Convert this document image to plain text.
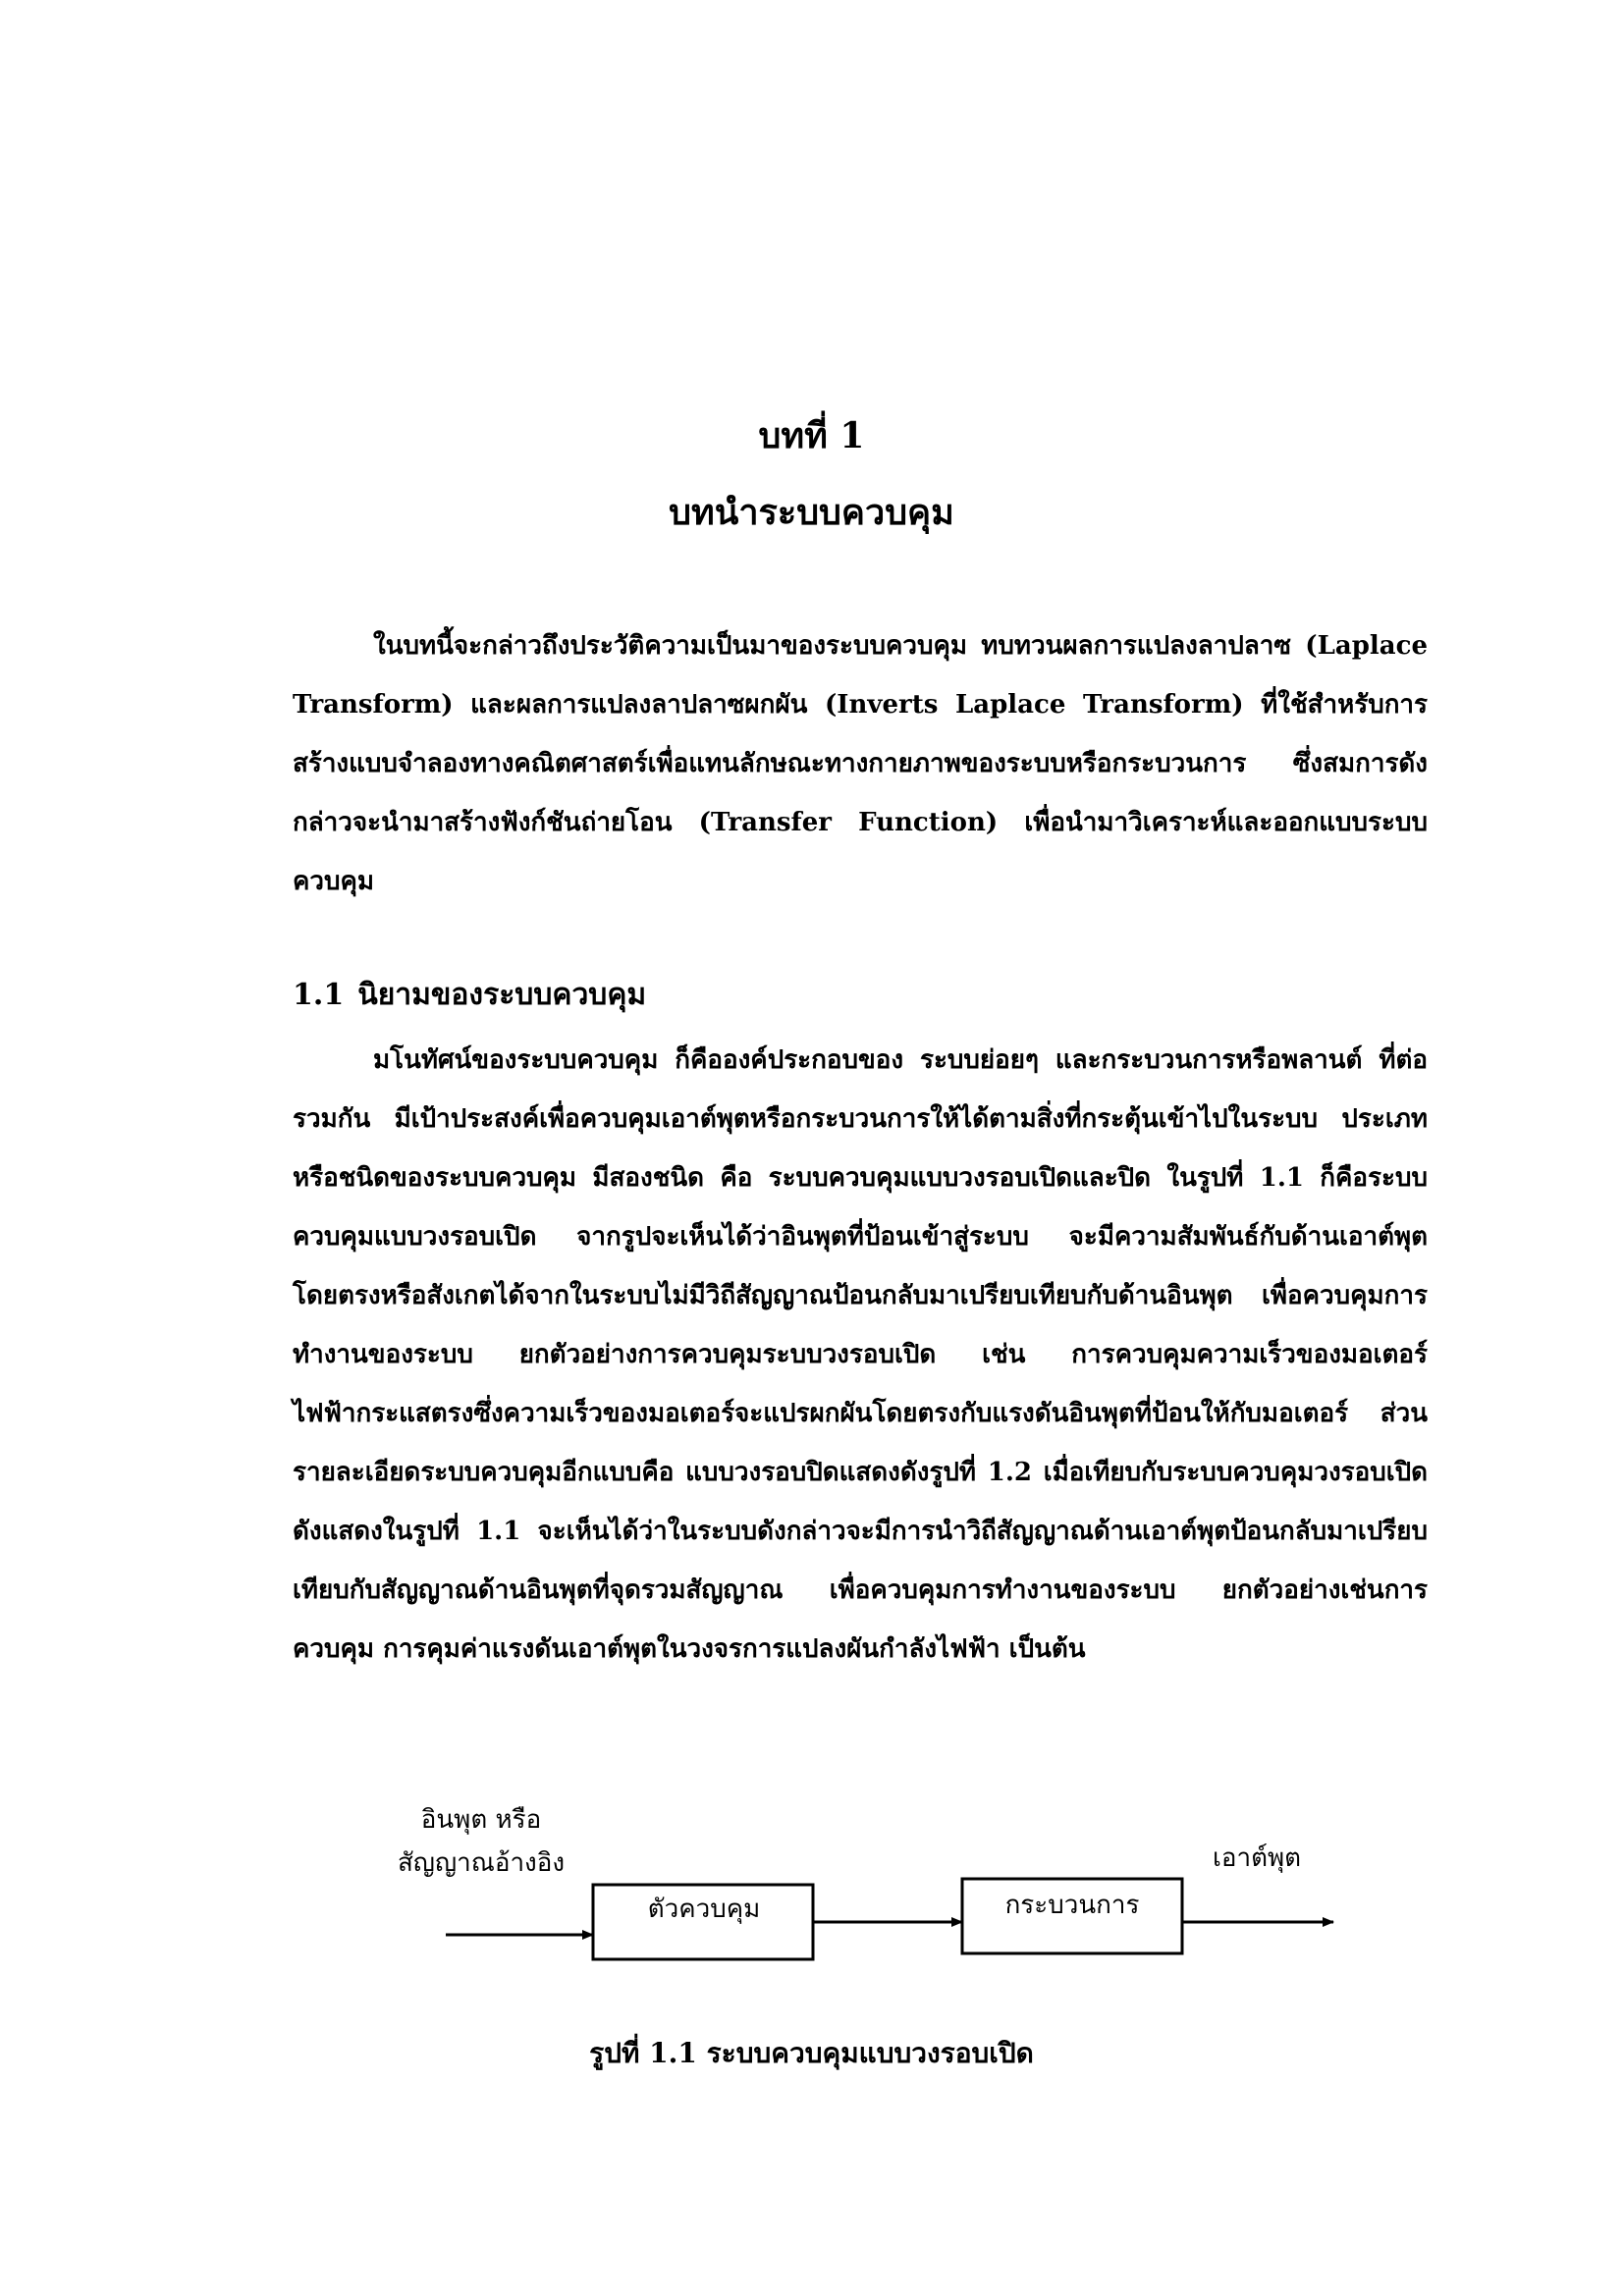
บทที่ 1
บทนำระบบควบคุม

ในบทนี้จะกล่าวถึงประวัติความเป็นมาของระบบควบคุม ทบทวนผลการแปลงลาปลาซ (Laplace Transform) และผลการแปลงลาปลาซผกผัน (Inverts Laplace Transform) ที่ใช้สำหรับการสร้างแบบจำลองทางคณิตศาสตร์เพื่อแทนลักษณะทางกายภาพของระบบหรือกระบวนการ ซึ่งสมการดังกล่าวจะนำมาสร้างฟังก์ชันถ่ายโอน (Transfer Function) เพื่อนำมาวิเคราะห์และออกแบบระบบควบคุม

1.1 นิยามของระบบควบคุม

มโนทัศน์ของระบบควบคุม ก็คือองค์ประกอบของ ระบบย่อยๆ และกระบวนการหรือพลานต์ ที่ต่อรวมกัน มีเป้าประสงค์เพื่อควบคุมเอาต์พุตหรือกระบวนการให้ได้ตามสิ่งที่กระตุ้นเข้าไปในระบบ ประเภทหรือชนิดของระบบควบคุม มีสองชนิด คือ ระบบควบคุมแบบวงรอบเปิดและปิด ในรูปที่ 1.1 ก็คือระบบควบคุมแบบวงรอบเปิด จากรูปจะเห็นได้ว่าอินพุตที่ป้อนเข้าสู่ระบบ จะมีความสัมพันธ์กับด้านเอาต์พุตโดยตรงหรือสังเกตได้จากในระบบไม่มีวิถีสัญญาณป้อนกลับมาเปรียบเทียบกับด้านอินพุต เพื่อควบคุมการทำงานของระบบ ยกตัวอย่างการควบคุมระบบวงรอบเปิด เช่น การควบคุมความเร็วของมอเตอร์ไฟฟ้ากระแสตรงซึ่งความเร็วของมอเตอร์จะแปรผกผันโดยตรงกับแรงดันอินพุตที่ป้อนให้กับมอเตอร์ ส่วนรายละเอียดระบบควบคุมอีกแบบคือ แบบวงรอบปิดแสดงดังรูปที่ 1.2 เมื่อเทียบกับระบบควบคุมวงรอบเปิดดังแสดงในรูปที่ 1.1 จะเห็นได้ว่าในระบบดังกล่าวจะมีการนำวิถีสัญญาณด้านเอาต์พุตป้อนกลับมาเปรียบเทียบกับสัญญาณด้านอินพุตที่จุดรวมสัญญาณ เพื่อควบคุมการทำงานของระบบ ยกตัวอย่างเช่นการควบคุม การคุมค่าแรงดันเอาต์พุตในวงจรการแปลงผันกำลังไฟฟ้า เป็นต้น

อินพุต หรือ
สัญญาณอ้างอิง
ตัวควบคุม	กระบวนการ
เอาต์พุต

รูปที่ 1.1 ระบบควบคุมแบบวงรอบเปิด
